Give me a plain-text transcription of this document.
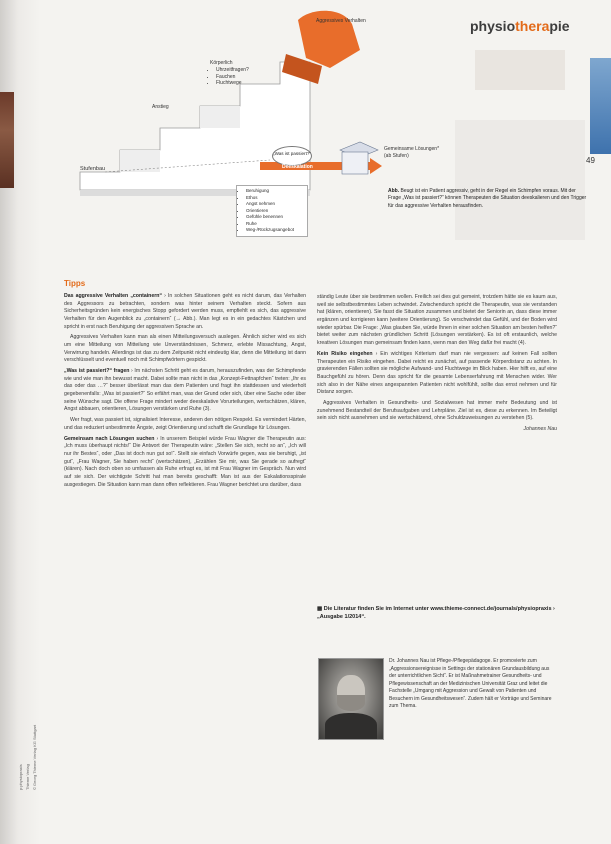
physiotherapie
49
Aggressives Verhalten
Körperlich
• Uhrzeitfragen?
• Fauchen
• Fluchtwege
Anstieg
Stufenbau
„Was ist passiert?“
Deeskalation
Gemeinsame Lösungen* (ab Stufen)
• Beruhigung
• Ethos
• Angst nehmen
• Orientieren
• Gefühle benennen
• Ruhe
• Weg-/Rückzugsangebot
Abb. Beugt ist ein Patient aggressiv, geht in der Regel ein Schimpfen voraus. Mit der Frage „Was ist passiert?“ können Therapeuten die Situation deeskalieren und den Trigger für das aggressive Verhalten herausfinden.
Tipps

Das aggressive Verhalten „containern“ › In solchen Situationen geht es nicht darum, das Verhalten des Aggressors zu betrachten, sondern was hinter seinem Verhalten steckt. Sofern aus Sicherheitsgründen kein energisches Stopp gefordert werden muss, empfiehlt es sich, das aggressive Verhalten für den Augenblick zu „containern“ (→ Abb.). Man legt es in ein gedachtes Kästchen und spricht in erst nach Beruhigung der aggressiven Sprache an.

Aggressives Verhalten kann man als einen Mitteilungsversuch auslegen. Ähnlich sicher wird es sich um eine Mitteilung von Mitteilung wie Unverständnissen, Schmerz, erlebte Missachtung, Angst, Verwirrung handeln. Allerdings ist das zu dem Zeitpunkt nicht eindeutig klar, denn die Mitteilung ist dann verschlüsselt und eventuell noch mit Schimpfwörtern gespickt.

„Was ist passiert?“ fragen › Im nächsten Schritt geht es darum, herauszufinden, was der Schimpfende wie und wie man ihn bewusst macht. Dabei sollte man nicht in das „Konzept-Fettnapfchen“ treten: „Ihr es das oder das …?“ besser überlässt man das dem Patienten und fragt ihn stattdessen und wiederholt gegebenenfalls: „Was ist passiert?“ So erfährt man, was der Grund oder sich, über eine Sache oder über seine Wünsche sagt. Die offene Frage mindert weder deeskalative Vorurteilungen, wertschätzen, klären, Angst abbauen, orientieren, Lösungen verstärken und Ruhe (3).

Wer fragt, was passiert ist, signalisiert Interesse, anderen den nötigen Respekt. Es vermindert Härten, und das reduziert unbestimmte Ängste, zeigt Orientierung und schafft die Grundlage für Lösungen.

Gemeinsam nach Lösungen suchen › In unserem Beispiel würde Frau Wagner die Therapeutin aus: „Ich muss überhaupt nichts!“ Die Antwort der Therapeutin wäre: „Stellen Sie sich, recht so an“, „Ich will nur ihr Bestes“, oder „Das ist doch nun gut so!“. Stellt sie einfach Vorwürfe gegen, was sie beruhigt, „ist gut“, „Frau Wagner, Sie haben recht“ (wertschätzen), „Erzählen Sie mir, was Sie gerade so aufregt“ (klären). Nach doch oben so umfassen als Ruhe erfragt es, ist mit Frau Wagner im Gespräch. Nun wird auf sie sich. Der wichtigste Schritt hat man bereits geschafft: Man ist aus der Eskalationsspirale ausgestiegen. Die Situation kann man dann offen reflektieren. Frau Wagner berichtet uns darüber, dass

ständig Leute über sie bestimmen wollen. Freilich sei dies gut gemeint, trotzdem hätte sie es kaum aus, weil sie selbstbestimmtes Leben schwindet. Zwischendurch spricht die Therapeutin, was sie verstanden hat (klären, orientieren). Sie fasst die Situation zusammen und bietet der Seniorin an, dass diese immer ergänzen und korrigieren kann (weitere Orientierung). So verschwindet das Gefühl, und der Boden wird wieder spürbar. Die Frage: „Was glauben Sie, würde Ihnen in einer solchen Situation am besten helfen?“ bietet weiter zum nächsten gründlichen Schritt (Lösungen verstärken). Es ist oft erstaunlich, welche kreativen Lösungen man gemeinsam finden kann, wenn man den Weg dafür frei macht (4).

Kein Risiko eingehen › Ein wichtiges Kriterium darf man nie vergessen: auf keinen Fall sollten Therapeuten ein Risiko eingehen. Dabei reicht es zunächst, auf passende Körperdistanz zu achten. In gravierenden Fällen sollten sie mögliche Aufwand- und Fluchtwege im Blick haben. Hier hilft es, auf eine Bauchgefühl zu hören. Denn das spricht für die gesamte Lebenserfahrung mit Menschen wider. Wer sich also in der Nähe eines angespannten Patienten nicht wohlfühlt, sollte das ernst nehmen und für Distanz sorgen.

Aggressives Verhalten in Gesundheits- und Sozialwesen hat immer mehr Bedeutung und ist zunehmend Bestandteil der Berufsaufgaben und Lehrpläne. Ziel ist es, diese zu erkennen. Im Beteiligt sein sich nicht ausnehmen und sie wertschätzend, ohne Schuldzuweisungen zu verstehen (5).

Johannes Nau
▩ Die Literatur finden Sie im Internet unter www.thieme-connect.de/journals/physiopraxis › „Ausgabe 1/2014“.
Dr. Johannes Nau ist Pflege-/Pflegepädagoge. Er promovierte zum „Aggressionsereignisse in Settings der stationären Grundausbildung aus der unterrichtlichen Sicht“. Er ist Maßnahmetrainer Gesundheits- und Pflegewissenschaft an der Medizinischen Universität Graz und leitet die Fachstelle „Umgang mit Aggression und Gewalt von Patienten und Besuchern im Gesundheitswesen“. Zudem hält er Vorträge und Seminare zum Thema.
p:physiopraxis Thieme Verlag © Georg Thieme Verlag KG Stuttgart
